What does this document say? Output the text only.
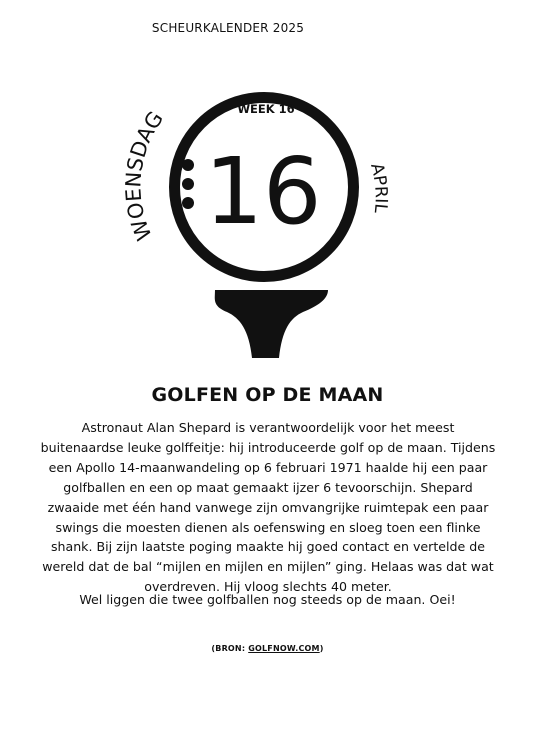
SCHEURKALENDER 2025
WEEK 16
16
WOENSDAG
APRIL
GOLFEN OP DE MAAN
Astronaut Alan Shepard is verantwoordelijk voor het meest buitenaardse leuke golffeitje: hij introduceerde golf op de maan. Tijdens een Apollo 14-maanwandeling op 6 februari 1971 haalde hij een paar golfballen en een op maat gemaakt ijzer 6 tevoorschijn. Shepard zwaaide met één hand vanwege zijn omvangrijke ruimtepak een paar swings die moesten dienen als oefenswing en sloeg toen een flinke shank. Bij zijn laatste poging maakte hij goed contact en vertelde de wereld dat de bal “mijlen en mijlen en mijlen” ging. Helaas was dat wat overdreven. Hij vloog slechts 40 meter.
Wel liggen die twee golfballen nog steeds op de maan. Oei!
(BRON: GOLFNOW.COM)
